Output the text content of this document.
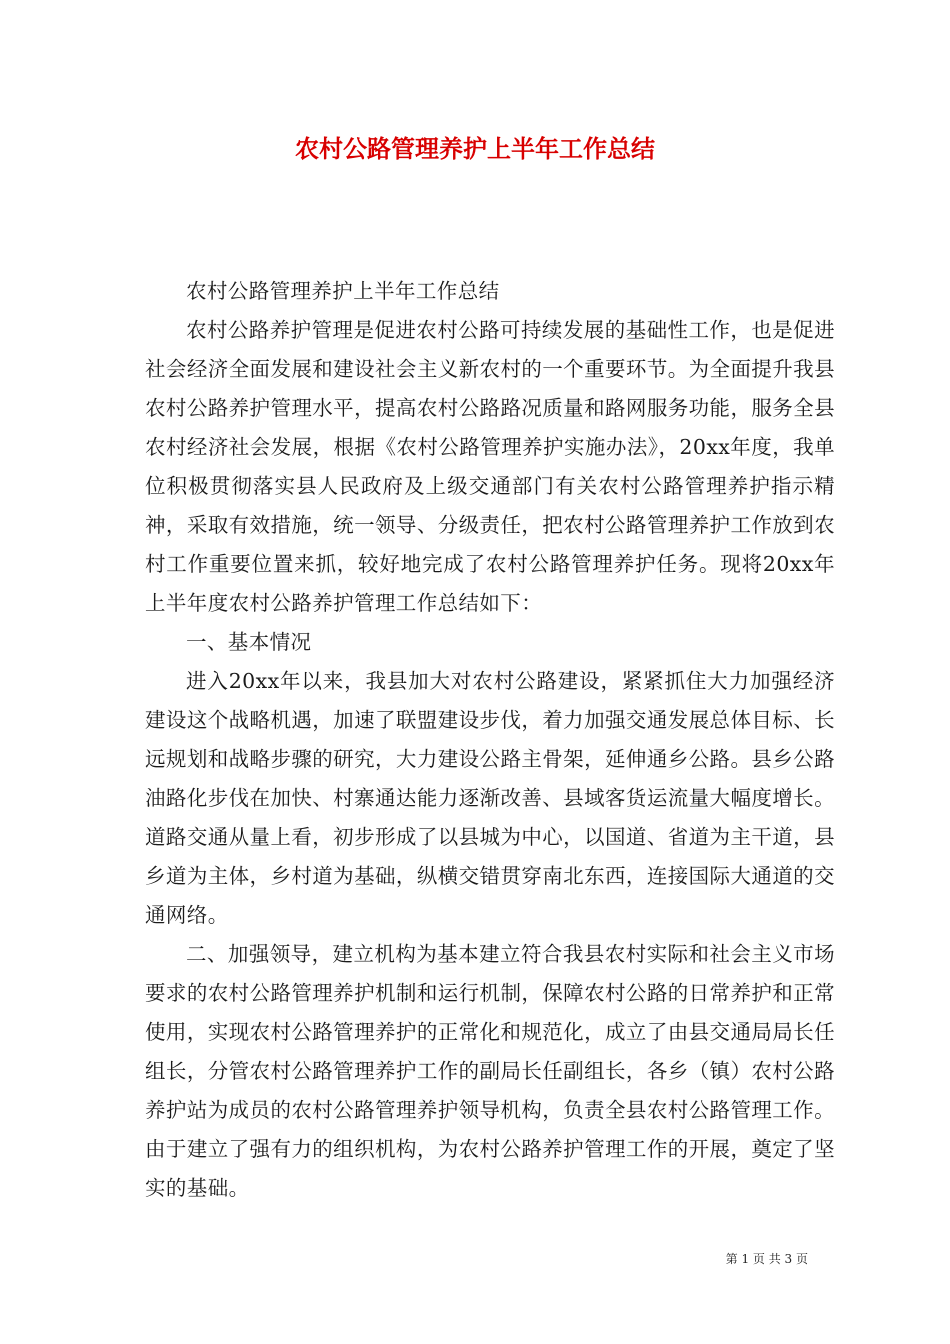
农村公路管理养护上半年工作总结

农村公路管理养护上半年工作总结

农村公路养护管理是促进农村公路可持续发展的基础性工作，也是促进社会经济全面发展和建设社会主义新农村的一个重要环节。为全面提升我县农村公路养护管理水平，提高农村公路路况质量和路网服务功能，服务全县农村经济社会发展，根据《农村公路管理养护实施办法》，20xx年度，我单位积极贯彻落实县人民政府及上级交通部门有关农村公路管理养护指示精神，采取有效措施，统一领导、分级责任，把农村公路管理养护工作放到农村工作重要位置来抓，较好地完成了农村公路管理养护任务。现将20xx年上半年度农村公路养护管理工作总结如下：

一、基本情况

进入20xx年以来，我县加大对农村公路建设，紧紧抓住大力加强经济建设这个战略机遇，加速了联盟建设步伐，着力加强交通发展总体目标、长远规划和战略步骤的研究，大力建设公路主骨架，延伸通乡公路。县乡公路油路化步伐在加快、村寨通达能力逐渐改善、县域客货运流量大幅度增长。道路交通从量上看，初步形成了以县城为中心，以国道、省道为主干道，县乡道为主体，乡村道为基础，纵横交错贯穿南北东西，连接国际大通道的交通网络。

二、加强领导，建立机构为基本建立符合我县农村实际和社会主义市场要求的农村公路管理养护机制和运行机制，保障农村公路的日常养护和正常使用，实现农村公路管理养护的正常化和规范化，成立了由县交通局局长任组长，分管农村公路管理养护工作的副局长任副组长，各乡（镇）农村公路养护站为成员的农村公路管理养护领导机构，负责全县农村公路管理工作。由于建立了强有力的组织机构，为农村公路养护管理工作的开展，奠定了坚实的基础。

第 1 页 共 3 页
